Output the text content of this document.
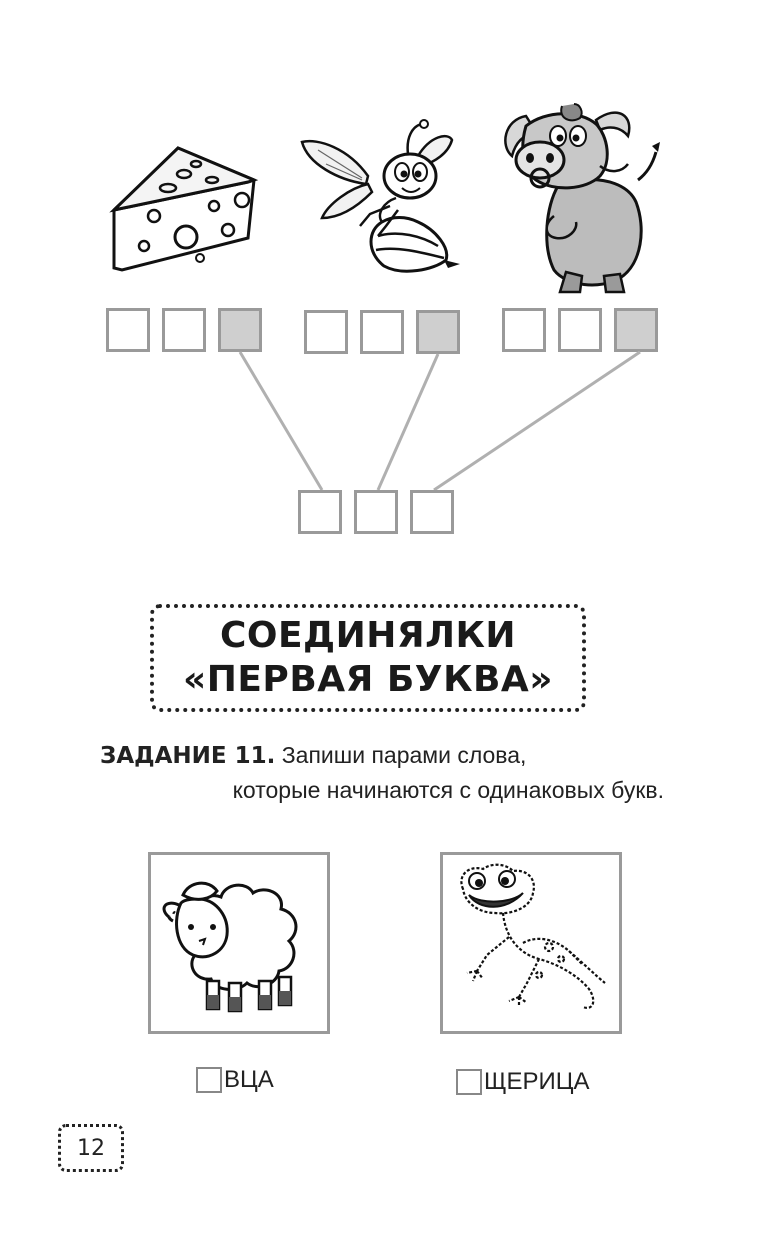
СОЕДИНЯЛКИ
«ПЕРВАЯ БУКВА»
ЗАДАНИЕ 11. Запиши парами слова,
которые начинаются с одинаковых букв.
ВЦА	ЩЕРИЦА
12
